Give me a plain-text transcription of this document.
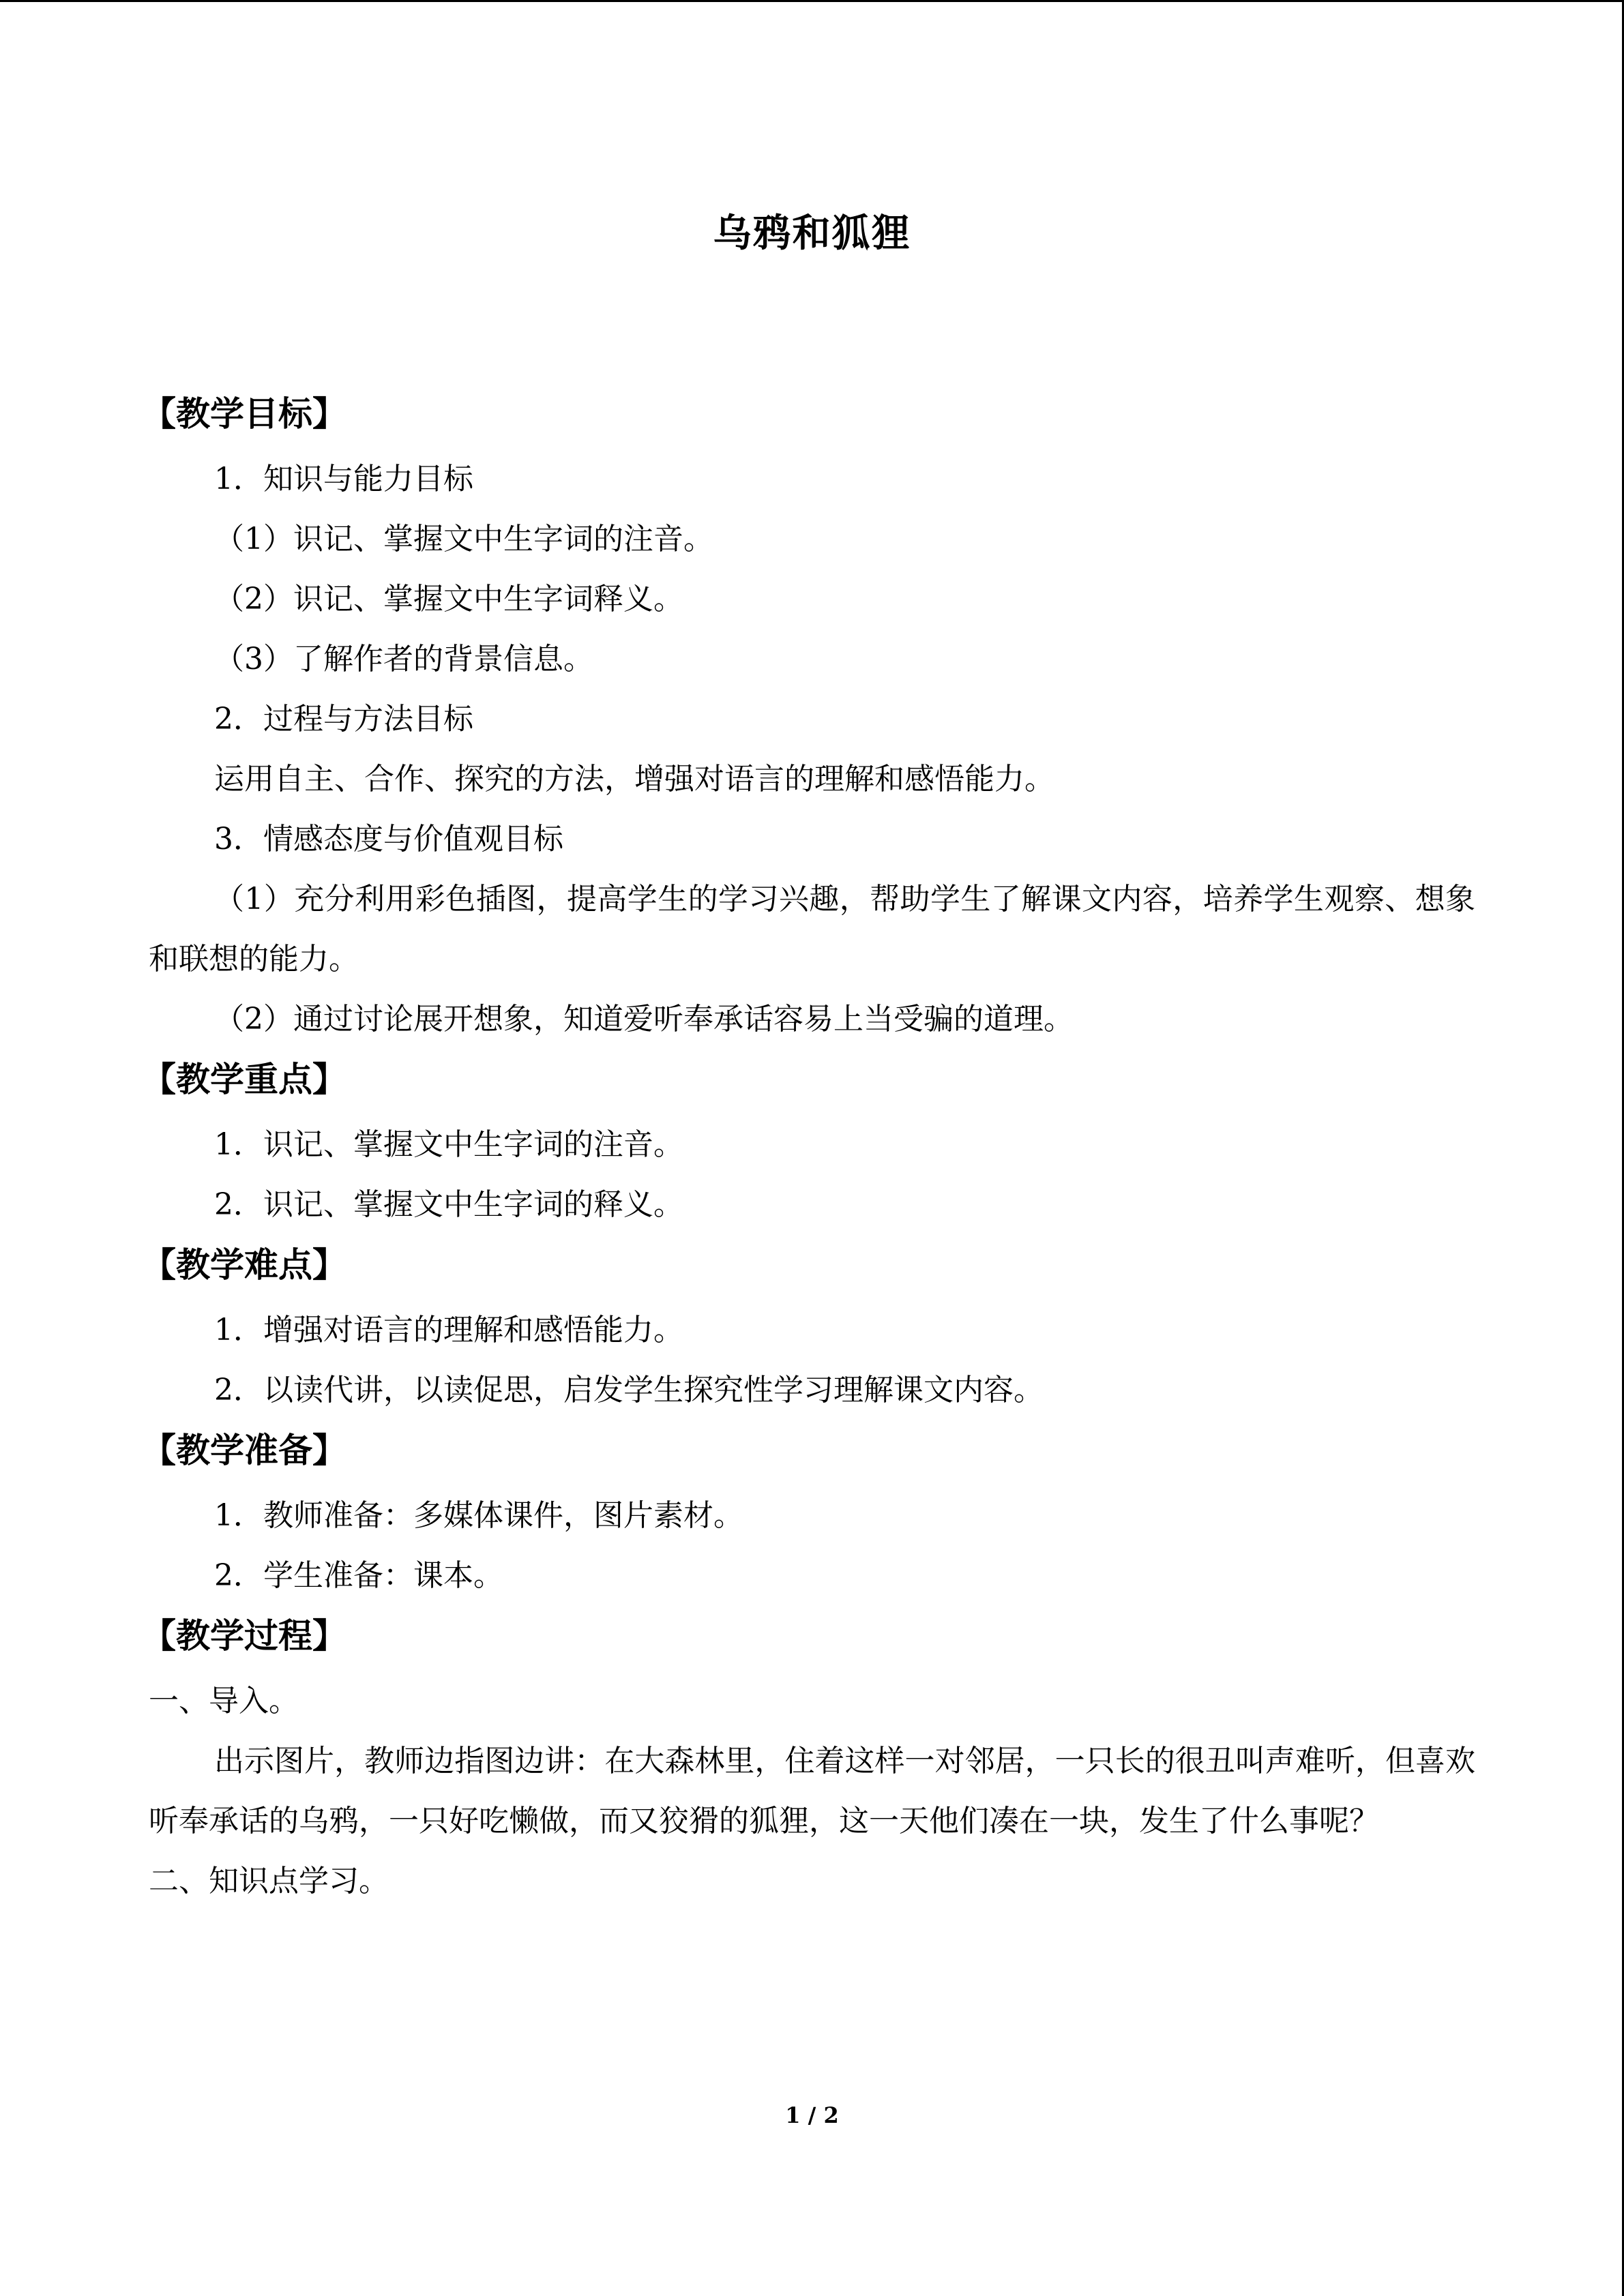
乌鸦和狐狸
【教学目标】

1．知识与能力目标

（1）识记、掌握文中生字词的注音。

（2）识记、掌握文中生字词释义。

（3）了解作者的背景信息。

2．过程与方法目标

运用自主、合作、探究的方法，增强对语言的理解和感悟能力。

3．情感态度与价值观目标

（1）充分利用彩色插图，提高学生的学习兴趣，帮助学生了解课文内容，培养学生观察、想象和联想的能力。

（2）通过讨论展开想象，知道爱听奉承话容易上当受骗的道理。

【教学重点】

1．识记、掌握文中生字词的注音。

2．识记、掌握文中生字词的释义。

【教学难点】

1．增强对语言的理解和感悟能力。

2．以读代讲，以读促思，启发学生探究性学习理解课文内容。

【教学准备】

1．教师准备：多媒体课件，图片素材。

2．学生准备：课本。

【教学过程】

一、导入。

出示图片，教师边指图边讲：在大森林里，住着这样一对邻居，一只长的很丑叫声难听，但喜欢听奉承话的乌鸦，一只好吃懒做，而又狡猾的狐狸，这一天他们凑在一块，发生了什么事呢？

二、知识点学习。

1 / 2
